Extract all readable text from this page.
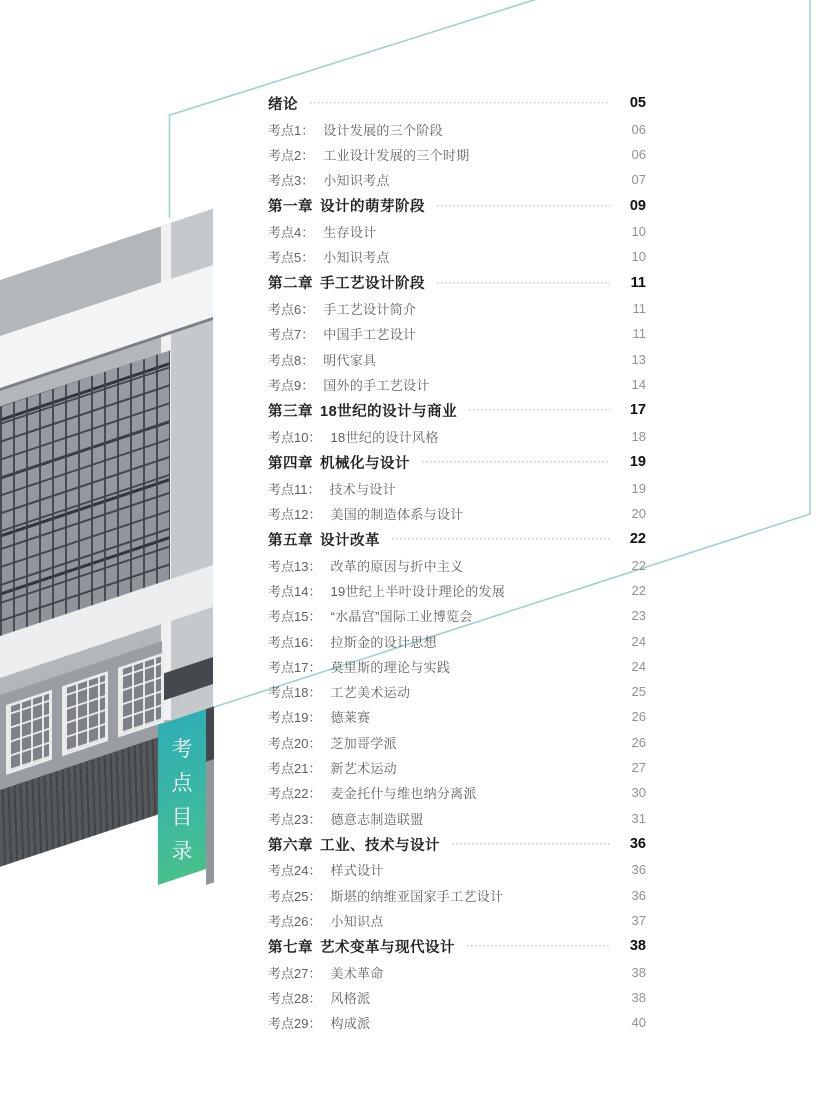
考
点
目
录
绪论	05
考点1： 设计发展的三个阶段	06
考点2： 工业设计发展的三个时期	06
考点3： 小知识考点	07
第一章 设计的萌芽阶段	09
考点4： 生存设计	10
考点5： 小知识考点	10
第二章 手工艺设计阶段	11
考点6： 手工艺设计简介	11
考点7： 中国手工艺设计	11
考点8： 明代家具	13
考点9： 国外的手工艺设计	14
第三章 18世纪的设计与商业	17
考点10： 18世纪的设计风格	18
第四章 机械化与设计	19
考点11： 技术与设计	19
考点12： 美国的制造体系与设计	20
第五章 设计改革	22
考点13： 改革的原因与折中主义	22
考点14： 19世纪上半叶设计理论的发展	22
考点15： “水晶宫”国际工业博览会	23
考点16： 拉斯金的设计思想	24
考点17： 莫里斯的理论与实践	24
考点18： 工艺美术运动	25
考点19： 德莱赛	26
考点20： 芝加哥学派	26
考点21： 新艺术运动	27
考点22： 麦金托什与维也纳分离派	30
考点23： 德意志制造联盟	31
第六章 工业、技术与设计	36
考点24： 样式设计	36
考点25： 斯堪的纳维亚国家手工艺设计	36
考点26： 小知识点	37
第七章 艺术变革与现代设计	38
考点27： 美术革命	38
考点28： 风格派	38
考点29： 构成派	40
